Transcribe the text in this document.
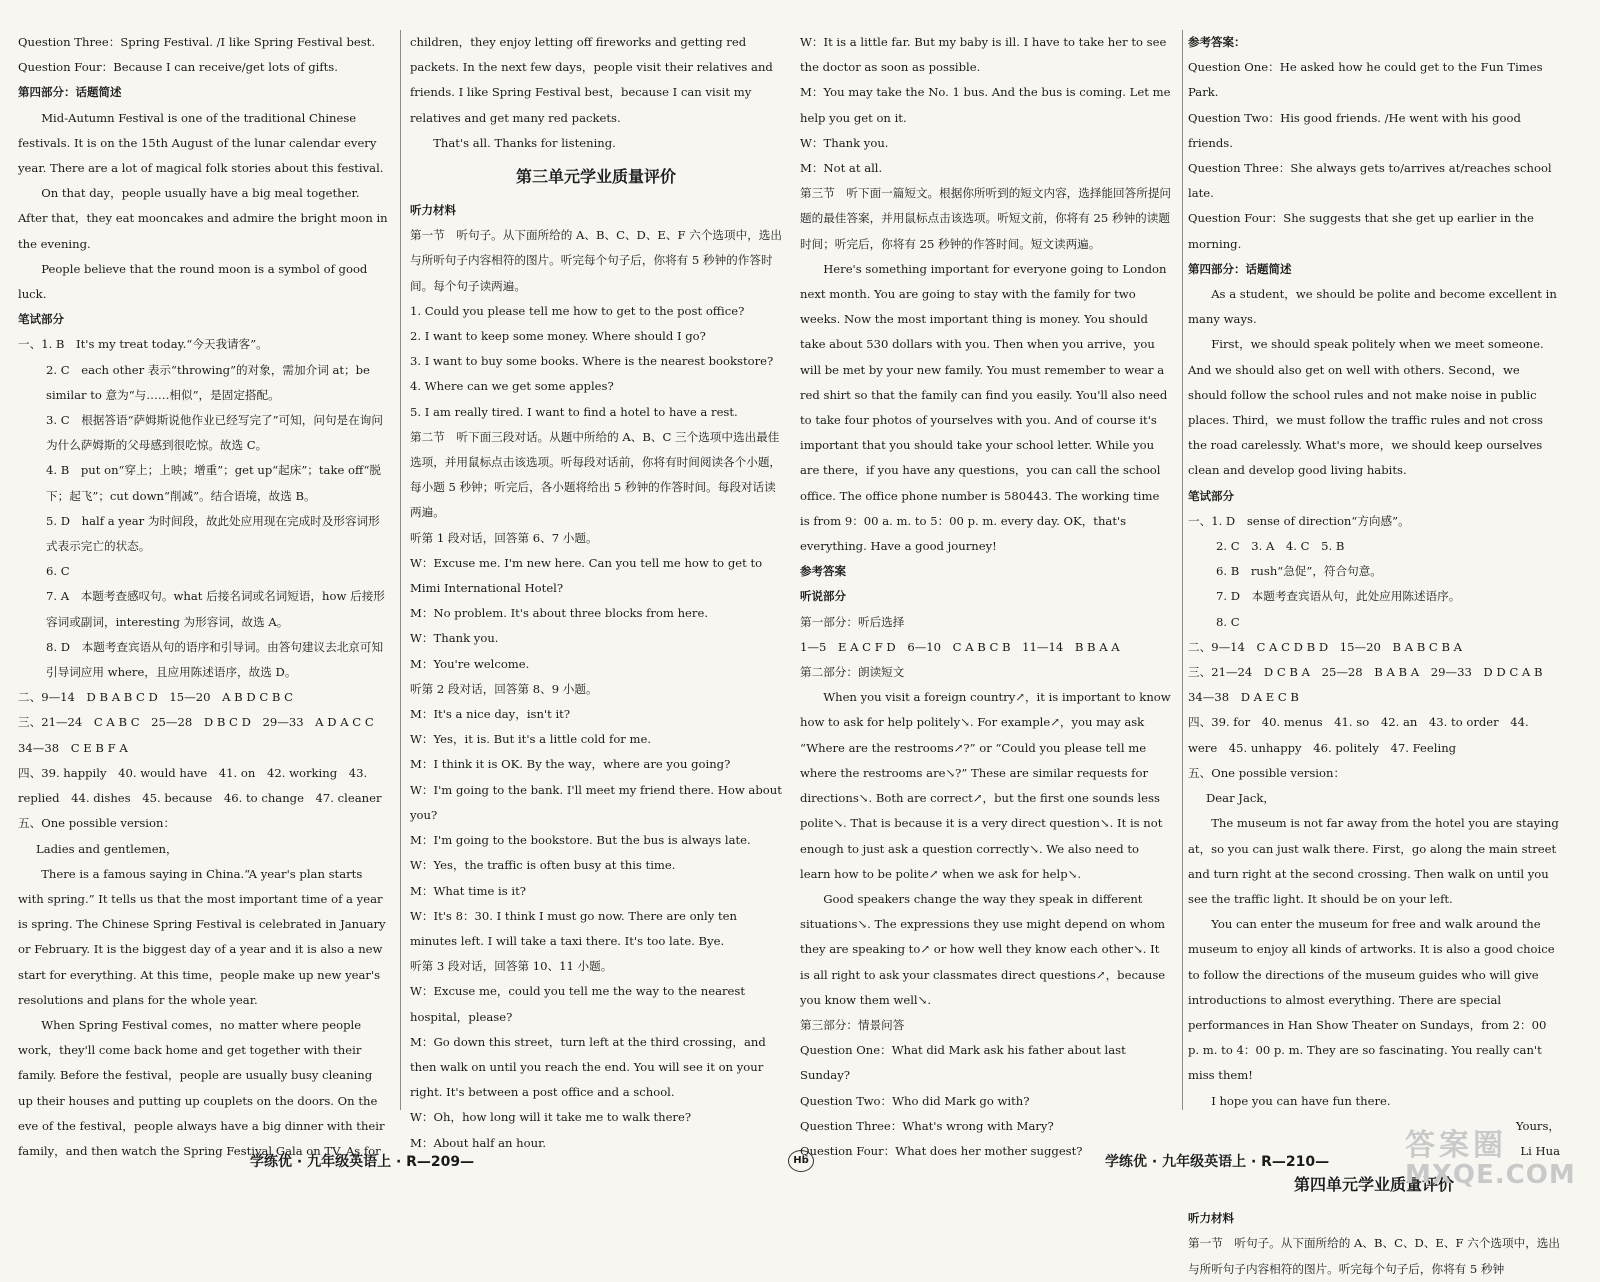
Question Three：Spring Festival. /I like Spring Festival best.

Question Four：Because I can receive/get lots of gifts.

第四部分：话题简述

Mid-Autumn Festival is one of the traditional Chinese festivals. It is on the 15th August of the lunar calendar every year. There are a lot of magical folk stories about this festival.

On that day，people usually have a big meal together. After that，they eat mooncakes and admire the bright moon in the evening.

People believe that the round moon is a symbol of good luck.

笔试部分

一、1. B　It's my treat today.“今天我请客”。

2. C　each other 表示“throwing”的对象，需加介词 at；be similar to 意为“与……相似”，是固定搭配。

3. C　根据答语“萨姆斯说他作业已经写完了”可知，问句是在询问为什么萨姆斯的父母感到很吃惊。故选 C。

4. B　put on“穿上；上映；增重”；get up“起床”；take off“脱下；起飞”；cut down“削减”。结合语境，故选 B。

5. D　half a year 为时间段，故此处应用现在完成时及形容词形式表示完亡的状态。

6. C

7. A　本题考查感叹句。what 后接名词或名词短语，how 后接形容词或副词，interesting 为形容词，故选 A。

8. D　本题考查宾语从句的语序和引导词。由答句建议去北京可知引导词应用 where，且应用陈述语序，故选 D。

二、9—14　D B A B C D　15—20　A B D C B C

三、21—24　C A B C　25—28　D B C D　29—33　A D A C C　34—38　C E B F A

四、39. happily　40. would have　41. on　42. working　43. replied　44. dishes　45. because　46. to change　47. cleaner

五、One possible version：

Ladies and gentlemen，

There is a famous saying in China.“A year's plan starts with spring.” It tells us that the most important time of a year is spring. The Chinese Spring Festival is celebrated in January or February. It is the biggest day of a year and it is also a new start for everything. At this time，people make up new year's resolutions and plans for the whole year.

When Spring Festival comes，no matter where people work，they'll come back home and get together with their family. Before the festival，people are usually busy cleaning up their houses and putting up couplets on the doors. On the eve of the festival，people always have a big dinner with their family，and then watch the Spring Festival Gala on TV. As for

children，they enjoy letting off fireworks and getting red packets. In the next few days，people visit their relatives and friends. I like Spring Festival best，because I can visit my relatives and get many red packets.

That's all. Thanks for listening.

第三单元学业质量评价

听力材料

第一节　听句子。从下面所给的 A、B、C、D、E、F 六个选项中，选出与所听句子内容相符的图片。听完每个句子后，你将有 5 秒钟的作答时间。每个句子读两遍。

1. Could you please tell me how to get to the post office?

2. I want to keep some money. Where should I go?

3. I want to buy some books. Where is the nearest bookstore?

4. Where can we get some apples?

5. I am really tired. I want to find a hotel to have a rest.

第二节　听下面三段对话。从题中所给的 A、B、C 三个选项中选出最佳选项，并用鼠标点击该选项。听每段对话前，你将有时间阅读各个小题，每小题 5 秒钟；听完后，各小题将给出 5 秒钟的作答时间。每段对话读两遍。

听第 1 段对话，回答第 6、7 小题。

W：Excuse me. I'm new here. Can you tell me how to get to Mimi International Hotel?

M：No problem. It's about three blocks from here.

W：Thank you.

M：You're welcome.

听第 2 段对话，回答第 8、9 小题。

M：It's a nice day，isn't it?

W：Yes，it is. But it's a little cold for me.

M：I think it is OK. By the way，where are you going?

W：I'm going to the bank. I'll meet my friend there. How about you?

M：I'm going to the bookstore. But the bus is always late.

W：Yes，the traffic is often busy at this time.

M：What time is it?

W：It's 8：30. I think I must go now. There are only ten minutes left. I will take a taxi there. It's too late. Bye.

听第 3 段对话，回答第 10、11 小题。

W：Excuse me，could you tell me the way to the nearest hospital，please?

M：Go down this street，turn left at the third crossing，and then walk on until you reach the end. You will see it on your right. It's between a post office and a school.

W：Oh，how long will it take me to walk there?

M：About half an hour.

W：It is a little far. But my baby is ill. I have to take her to see the doctor as soon as possible.

M：You may take the No. 1 bus. And the bus is coming. Let me help you get on it.

W：Thank you.

M：Not at all.

第三节　听下面一篇短文。根据你所听到的短文内容，选择能回答所提问题的最佳答案，并用鼠标点击该选项。听短文前，你将有 25 秒钟的读题时间；听完后，你将有 25 秒钟的作答时间。短文读两遍。

Here's something important for everyone going to London next month. You are going to stay with the family for two weeks. Now the most important thing is money. You should take about 530 dollars with you. Then when you arrive，you will be met by your new family. You must remember to wear a red shirt so that the family can find you easily. You'll also need to take four photos of yourselves with you. And of course it's important that you should take your school letter. While you are there，if you have any questions，you can call the school office. The office phone number is 580443. The working time is from 9：00 a. m. to 5：00 p. m. every day. OK，that's everything. Have a good journey!

参考答案

听说部分

第一部分：听后选择

1—5　E A C F D　6—10　C A B C B　11—14　B B A A

第二部分：朗读短文

When you visit a foreign country↗，it is important to know how to ask for help politely↘. For example↗，you may ask “Where are the restrooms↗?” or “Could you please tell me where the restrooms are↘?” These are similar requests for directions↘. Both are correct↗，but the first one sounds less polite↘. That is because it is a very direct question↘. It is not enough to just ask a question correctly↘. We also need to learn how to be polite↗ when we ask for help↘.

Good speakers change the way they speak in different situations↘. The expressions they use might depend on whom they are speaking to↗ or how well they know each other↘. It is all right to ask your classmates direct questions↗，because you know them well↘.

第三部分：情景问答

Question One：What did Mark ask his father about last Sunday?

Question Two：Who did Mark go with?

Question Three：What's wrong with Mary?

Question Four：What does her mother suggest?

参考答案：

Question One：He asked how he could get to the Fun Times Park.

Question Two：His good friends. /He went with his good friends.

Question Three：She always gets to/arrives at/reaches school late.

Question Four：She suggests that she get up earlier in the morning.

第四部分：话题简述

As a student，we should be polite and become excellent in many ways.

First，we should speak politely when we meet someone. And we should also get on well with others. Second，we should follow the school rules and not make noise in public places. Third，we must follow the traffic rules and not cross the road carelessly. What's more，we should keep ourselves clean and develop good living habits.

笔试部分

一、1. D　sense of direction“方向感”。

2. C　3. A　4. C　5. B

6. B　rush“急促”，符合句意。

7. D　本题考查宾语从句，此处应用陈述语序。

8. C

二、9—14　C A C D B D　15—20　B A B C B A

三、21—24　D C B A　25—28　B A B A　29—33　D D C A B　34—38　D A E C B

四、39. for　40. menus　41. so　42. an　43. to order　44. were　45. unhappy　46. politely　47. Feeling

五、One possible version：

Dear Jack，

The museum is not far away from the hotel you are staying at，so you can just walk there. First，go along the main street and turn right at the second crossing. Then walk on until you see the traffic light. It should be on your left.

You can enter the museum for free and walk around the museum to enjoy all kinds of artworks. It is also a good choice to follow the directions of the museum guides who will give introductions to almost everything. There are special performances in Han Show Theater on Sundays，from 2：00 p. m. to 4：00 p. m. They are so fascinating. You really can't miss them!

I hope you can have fun there.

Yours，

Li Hua

第四单元学业质量评价

听力材料

第一节　听句子。从下面所给的 A、B、C、D、E、F 六个选项中，选出与所听句子内容相符的图片。听完每个句子后，你将有 5 秒钟

学练优 · 九年级英语上 · R—209—	Hb	学练优 · 九年级英语上 · R—210—	答案圈
MXQE.COM
